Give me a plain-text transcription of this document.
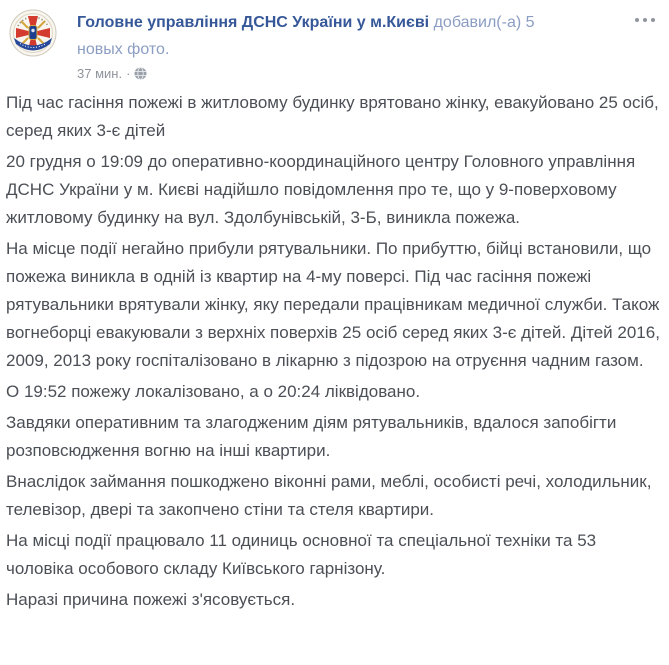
Головне управління ДСНС України у м.Києві добавил(-а) 5
новых фото.
37 мин. ·

Під час гасіння пожежі в житловому будинку врятовано жінку, евакуйовано 25 осіб, серед яких 3-є дітей

20 грудня о 19:09 до оперативно-координаційного центру Головного управління ДСНС України у м. Києві надійшло повідомлення про те, що у 9-поверховому житловому будинку на вул. Здолбунівській, 3-Б, виникла пожежа.

На місце події негайно прибули рятувальники. По прибуттю, бійці встановили, що пожежа виникла в одній із квартир на 4-му поверсі. Під час гасіння пожежі рятувальники врятували жінку, яку передали працівникам медичної служби. Також вогнеборці евакуювали з верхніх поверхів 25 осіб серед яких 3-є дітей. Дітей 2016, 2009, 2013 року госпіталізовано в лікарню з підозрою на отруєння чадним газом.

О 19:52 пожежу локалізовано, а о 20:24 ліквідовано.

Завдяки оперативним та злагодженим діям рятувальників, вдалося запобігти розповсюдження вогню на інші квартири.

Внаслідок займання пошкоджено віконні рами, меблі, особисті речі, холодильник, телевізор, двері та закопчено стіни та стеля квартири.

На місці події працювало 11 одиниць основної та спеціальної техніки та 53 чоловіка особового складу Київського гарнізону.

Наразі причина пожежі з'ясовується.
